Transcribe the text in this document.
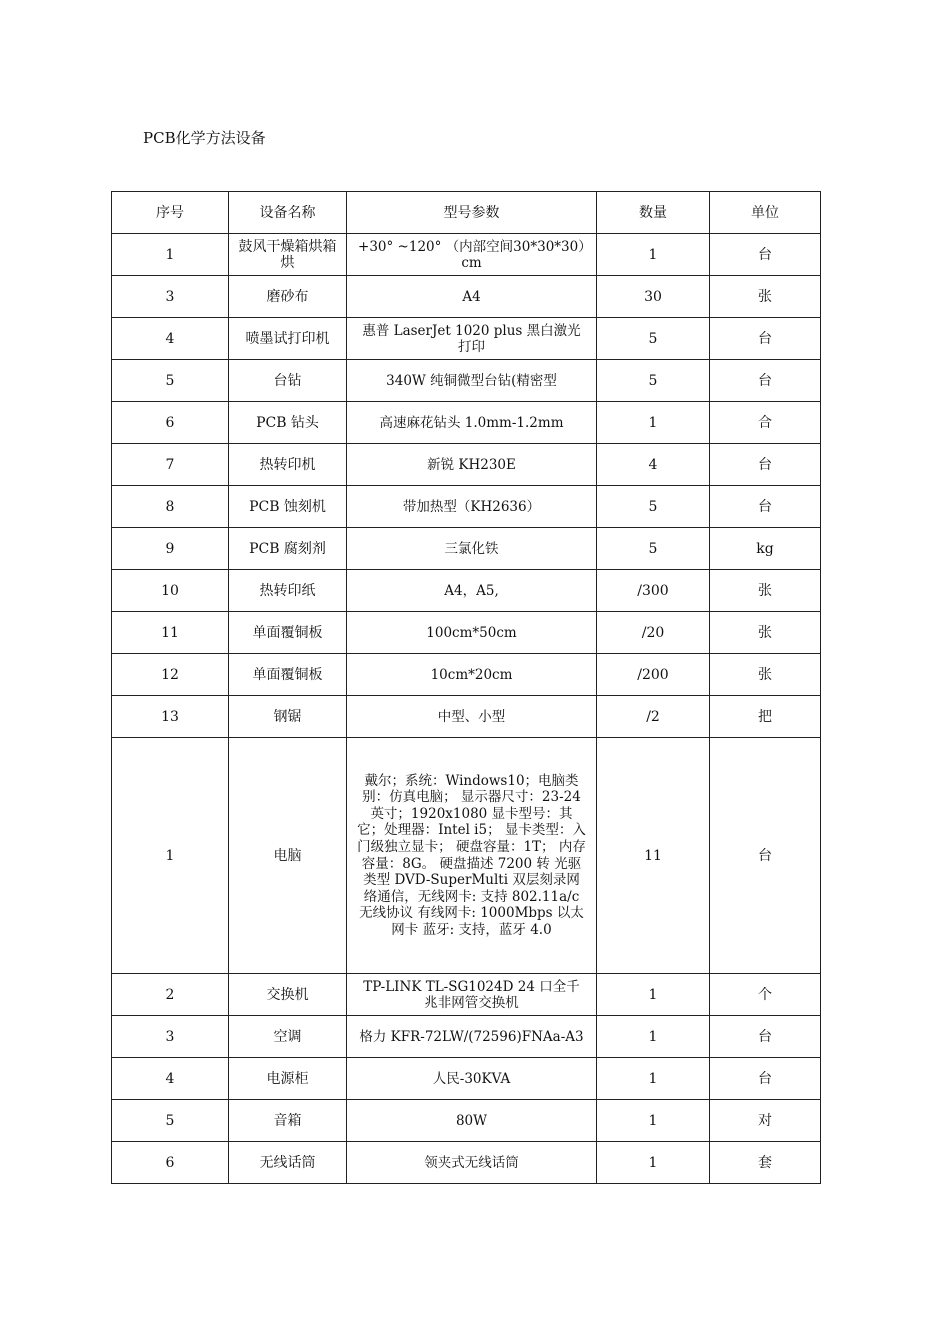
PCB化学方法设备
序号	设备名称	型号参数	数量	单位
1	鼓风干燥箱烘箱烘	+30° ~120° （内部空间30*30*30）cm	1	台
3	磨砂布	A4	30	张
4	喷墨试打印机	惠普 LaserJet 1020 plus 黑白激光打印	5	台
5	台钻	340W 纯铜微型台钻(精密型	5	台
6	PCB 钻头	高速麻花钻头 1.0mm-1.2mm	1	合
7	热转印机	新锐 KH230E	4	台
8	PCB 蚀刻机	带加热型（KH2636）	5	台
9	PCB 腐刻剂	三氯化铁	5	kg
10	热转印纸	A4，A5,	/300	张
11	单面覆铜板	100cm*50cm	/20	张
12	单面覆铜板	10cm*20cm	/200	张
13	钢锯	中型、小型	/2	把
1	电脑	戴尔；系统：Windows10；电脑类别：仿真电脑； 显示器尺寸：23-24 英寸；1920x1080 显卡型号：其它；处理器：Intel i5； 显卡类型：入门级独立显卡； 硬盘容量：1T； 内存容量：8G。 硬盘描述 7200 转 光驱类型 DVD-SuperMulti 双层刻录网络通信，无线网卡: 支持 802.11a/c 无线协议 有线网卡: 1000Mbps 以太网卡 蓝牙: 支持，蓝牙 4.0	11	台
2	交换机	TP-LINK TL-SG1024D 24 口全千兆非网管交换机	1	个
3	空调	格力 KFR-72LW/(72596)FNAa-A3	1	台
4	电源柜	人民-30KVA	1	台
5	音箱	80W	1	对
6	无线话筒	领夹式无线话筒	1	套
